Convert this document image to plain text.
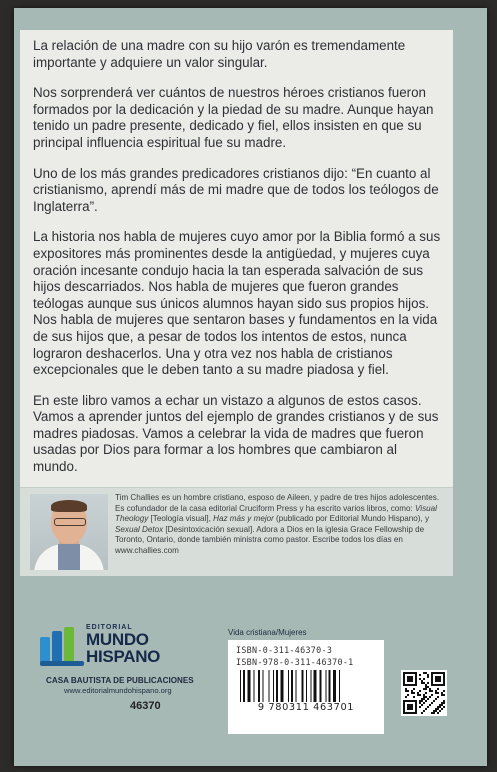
La relación de una madre con su hijo varón es tremendamente importante y adquiere un valor singular.

Nos sorprenderá ver cuántos de nuestros héroes cristianos fueron formados por la dedicación y la piedad de su madre. Aunque hayan tenido un padre presente, dedicado y fiel, ellos insisten en que su principal influencia espiritual fue su madre.

Uno de los más grandes predicadores cristianos dijo: “En cuanto al cristianismo, aprendí más de mi madre que de todos los teólogos de Inglaterra”.

La historia nos habla de mujeres cuyo amor por la Biblia formó a sus expositores más prominentes desde la antigüedad, y mujeres cuya oración incesante condujo hacia la tan esperada salvación de sus hijos descarriados. Nos habla de mujeres que fueron grandes teólogas aunque sus únicos alumnos hayan sido sus propios hijos. Nos habla de mujeres que sentaron bases y fundamentos en la vida de sus hijos que, a pesar de todos los intentos de estos, nunca lograron deshacerlos. Una y otra vez nos habla de cristianos excepcionales que le deben tanto a su madre piadosa y fiel.

En este libro vamos a echar un vistazo a algunos de estos casos. Vamos a aprender juntos del ejemplo de grandes cristianos y de sus madres piadosas. Vamos a celebrar la vida de madres que fueron usadas por Dios para formar a los hombres que cambiaron al mundo.

Tim Challies es un hombre cristiano, esposo de Aileen, y padre de tres hijos adolescentes. Es cofundador de la casa editorial Cruciform Press y ha escrito varios libros, como: Visual Theology [Teología visual], Haz más y mejor (publicado por Editorial Mundo Hispano), y Sexual Detox [Desintoxicación sexual]. Adora a Dios en la iglesia Grace Fellowship de Toronto, Ontario, donde también ministra como pastor. Escribe todos los días en www.challies.com
EDITORIAL
MUNDO
HISPANO
CASA BAUTISTA DE PUBLICACIONES
www.editorialmundohispano.org
46370
Vida cristiana/Mujeres
ISBN-0-311-46370-3
ISBN-978-0-311-46370-1
9 780311 463701
